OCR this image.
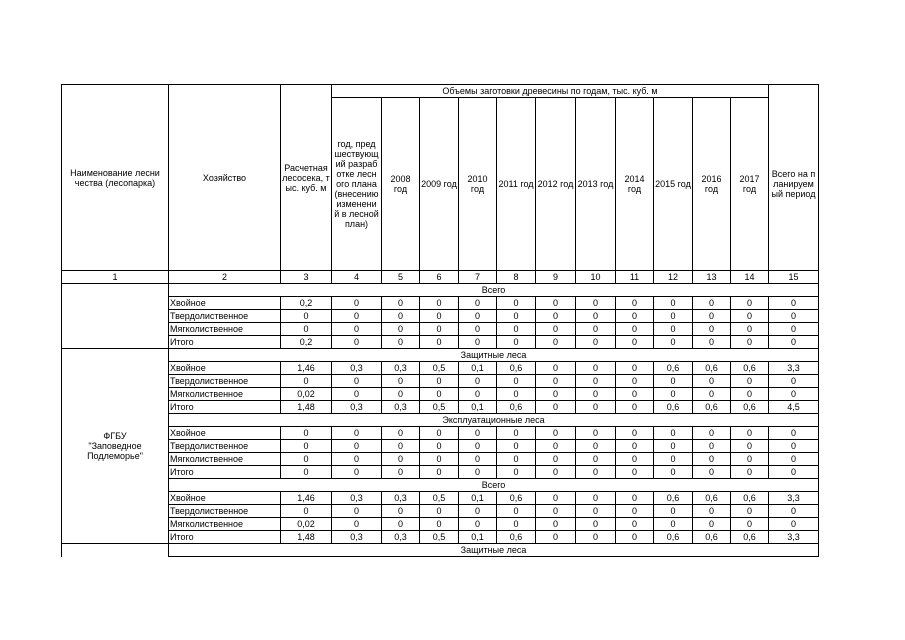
Наименование лесничества (лесопарка)	Хозяйство	Расчетная лесосека, тыс. куб. м	Объемы заготовки древесины по годам, тыс. куб. м											
			год, предшествующий разработке лесного плана (внесению изменений в лесной план)	2008 год	2009 год	2010 год	2011 год	2012 год	2013 год	2014 год	2015 год	2016 год	2017 год	Всего на планируемый период
1	2	3	4	5	6	7	8	9	10	11	12	13	14	15
	Всего													
	Хвойное	0,2	0	0	0	0	0	0	0	0	0	0	0	0
	Твердолиственное	0	0	0	0	0	0	0	0	0	0	0	0	0
	Мягколиственное	0	0	0	0	0	0	0	0	0	0	0	0	0
	Итого	0,2	0	0	0	0	0	0	0	0	0	0	0	0
ФГБУ "Заповедное Подлеморье"	Защитные леса													
	Хвойное	1,46	0,3	0,3	0,5	0,1	0,6	0	0	0	0,6	0,6	0,6	3,3
	Твердолиственное	0	0	0	0	0	0	0	0	0	0	0	0	0
	Мягколиственное	0,02	0	0	0	0	0	0	0	0	0	0	0	0
	Итого	1,48	0,3	0,3	0,5	0,1	0,6	0	0	0	0,6	0,6	0,6	4,5
	Эксплуатационные леса													
	Хвойное	0	0	0	0	0	0	0	0	0	0	0	0	0
	Твердолиственное	0	0	0	0	0	0	0	0	0	0	0	0	0
	Мягколиственное	0	0	0	0	0	0	0	0	0	0	0	0	0
	Итого	0	0	0	0	0	0	0	0	0	0	0	0	0
	Всего													
	Хвойное	1,46	0,3	0,3	0,5	0,1	0,6	0	0	0	0,6	0,6	0,6	3,3
	Твердолиственное	0	0	0	0	0	0	0	0	0	0	0	0	0
	Мягколиственное	0,02	0	0	0	0	0	0	0	0	0	0	0	0
	Итого	1,48	0,3	0,3	0,5	0,1	0,6	0	0	0	0,6	0,6	0,6	3,3
	Защитные леса													
